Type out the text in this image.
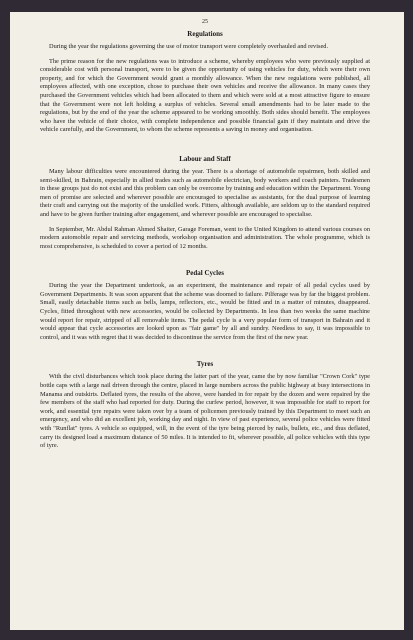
25
Regulations

During the year the regulations governing the use of motor transport were completely overhauled and revised.

The prime reason for the new regulations was to introduce a scheme, whereby employees who were previously supplied at considerable cost with personal transport, were to be given the opportunity of using vehicles for duty, which were their own property, and for which the Government would grant a monthly allowance. When the new regulations were published, all employees affected, with one exception, chose to purchase their own vehicles and receive the allowance. In many cases they purchased the Government vehicles which had been allocated to them and which were sold at a most attractive figure to ensure that the Government were not left holding a surplus of vehicles. Several small amendments had to be later made to the regulations, but by the end of the year the scheme appeared to be working smoothly. Both sides should benefit. The employees who have the vehicle of their choice, with complete independence and possible financial gain if they maintain and drive the vehicle carefully, and the Government, to whom the scheme represents a saving in money and organisation.

Labour and Staff

Many labour difficulties were encountered during the year. There is a shortage of automobile repairmen, both skilled and semi-skilled, in Bahrain, especially in allied trades such as automobile electrician, body workers and coach painters. Tradesmen in these groups just do not exist and this problem can only be overcome by training and education within the Department. Young men of promise are selected and wherever possible are encouraged to specialise as assistants, for the dual purpose of learning their craft and carrying out the majority of the unskilled work. Fitters, although available, are seldom up to the standard required and have to be given further training after engagement, and wherever possible are encouraged to specialise.

In September, Mr. Abdul Rahman Ahmed Shaiter, Garage Foreman, went to the United Kingdom to attend various courses on modern automobile repair and servicing methods, workshop organisation and administration. The whole programme, which is most comprehensive, is scheduled to cover a period of 12 months.

Pedal Cycles

During the year the Department undertook, as an experiment, the maintenance and repair of all pedal cycles used by Government Departments. It was soon apparent that the scheme was doomed to failure. Pilferage was by far the biggest problem. Small, easily detachable items such as bells, lamps, reflectors, etc., would be fitted and in a matter of minutes, disappeared. Cycles, fitted throughout with new accessories, would be collected by Departments. In less than two weeks the same machine would report for repair, stripped of all removable items. The pedal cycle is a very popular form of transport in Bahrain and it would appear that cycle accessories are looked upon as "fair game" by all and sundry. Needless to say, it was impossible to control, and it was with regret that it was decided to discontinue the service from the first of the new year.

Tyres

With the civil disturbances which took place during the latter part of the year, came the by now familiar "Crown Cork" type bottle caps with a large nail driven through the centre, placed in large numbers across the public highway at busy intersections in Manama and outskirts. Deflated tyres, the results of the above, were handed in for repair by the dozen and were repaired by the few members of the staff who had reported for duty. During the curfew period, however, it was impossible for staff to report for work, and essential tyre repairs were taken over by a team of policemen previously trained by this Department to meet such an emergency, and who did an excellent job, working day and night. In view of past experience, several police vehicles were fitted with "Runflat" tyres. A vehicle so equipped, will, in the event of the tyre being pierced by nails, bullets, etc., and thus deflated, carry its designed load a maximum distance of 50 miles. It is intended to fit, wherever possible, all police vehicles with this type of tyre.
